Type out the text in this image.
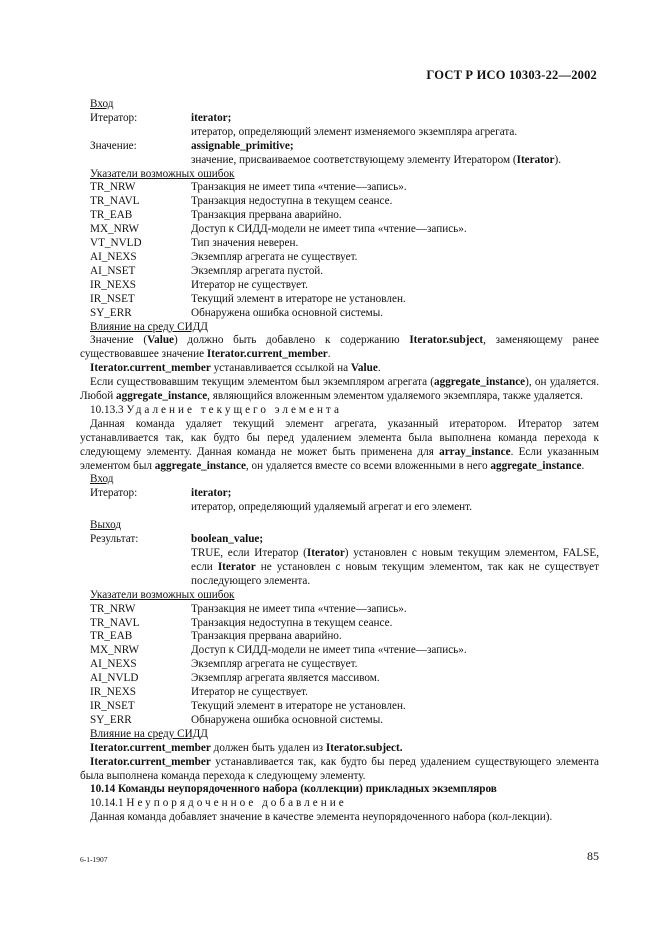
ГОСТ Р ИСО 10303-22—2002
Вход
Итератор:	iterator;
итератор, определяющий элемент изменяемого экземпляра агрегата.
Значение:	assignable_primitive;
значение, присваиваемое соответствующему элементу Итератором (Iterator).
Указатели возможных ошибок
TR_NRW	Транзакция не имеет типа «чтение—запись».
TR_NAVL	Транзакция недоступна в текущем сеансе.
TR_EAB	Транзакция прервана аварийно.
MX_NRW	Доступ к СИДД-модели не имеет типа «чтение—запись».
VT_NVLD	Тип значения неверен.
AI_NEXS	Экземпляр агрегата не существует.
AI_NSET	Экземпляр агрегата пустой.
IR_NEXS	Итератор не существует.
IR_NSET	Текущий элемент в итераторе не установлен.
SY_ERR	Обнаружена ошибка основной системы.
Влияние на среду СИДД
Значение (Value) должно быть добавлено к содержанию Iterator.subject, заменяющему ранее существовавшее значение Iterator.current_member.
Iterator.current_member устанавливается ссылкой на Value.
Если существовавшим текущим элементом был экземпляром агрегата (aggregate_instance), он удаляется. Любой aggregate_instance, являющийся вложенным элементом удаляемого экземпляра, также удаляется.
10.13.3 Удаление текущего элемента
Данная команда удаляет текущий элемент агрегата, указанный итератором. Итератор затем устанавливается так, как будто бы перед удалением элемента была выполнена команда перехода к следующему элементу. Данная команда не может быть применена для array_instance. Если указанным элементом был aggregate_instance, он удаляется вместе со всеми вложенными в него aggregate_instance.
Вход
Итератор:	iterator;
итератор, определяющий удаляемый агрегат и его элемент.
Выход
Результат:	boolean_value;
TRUE, если Итератор (Iterator) установлен с новым текущим элементом, FALSE, если Iterator не установлен с новым текущим элементом, так как не существует последующего элемента.
Указатели возможных ошибок
TR_NRW	Транзакция не имеет типа «чтение—запись».
TR_NAVL	Транзакция недоступна в текущем сеансе.
TR_EAB	Транзакция прервана аварийно.
MX_NRW	Доступ к СИДД-модели не имеет типа «чтение—запись».
AI_NEXS	Экземпляр агрегата не существует.
AI_NVLD	Экземпляр агрегата является массивом.
IR_NEXS	Итератор не существует.
IR_NSET	Текущий элемент в итераторе не установлен.
SY_ERR	Обнаружена ошибка основной системы.
Влияние на среду СИДД
Iterator.current_member должен быть удален из Iterator.subject.
Iterator.current_member устанавливается так, как будто бы перед удалением существующего элемента была выполнена команда перехода к следующему элементу.
10.14 Команды неупорядоченного набора (коллекции) прикладных экземпляров
10.14.1 Неупорядоченное добавление
Данная команда добавляет значение в качестве элемента неупорядоченного набора (кол-лекции).
6-1-1907	85
